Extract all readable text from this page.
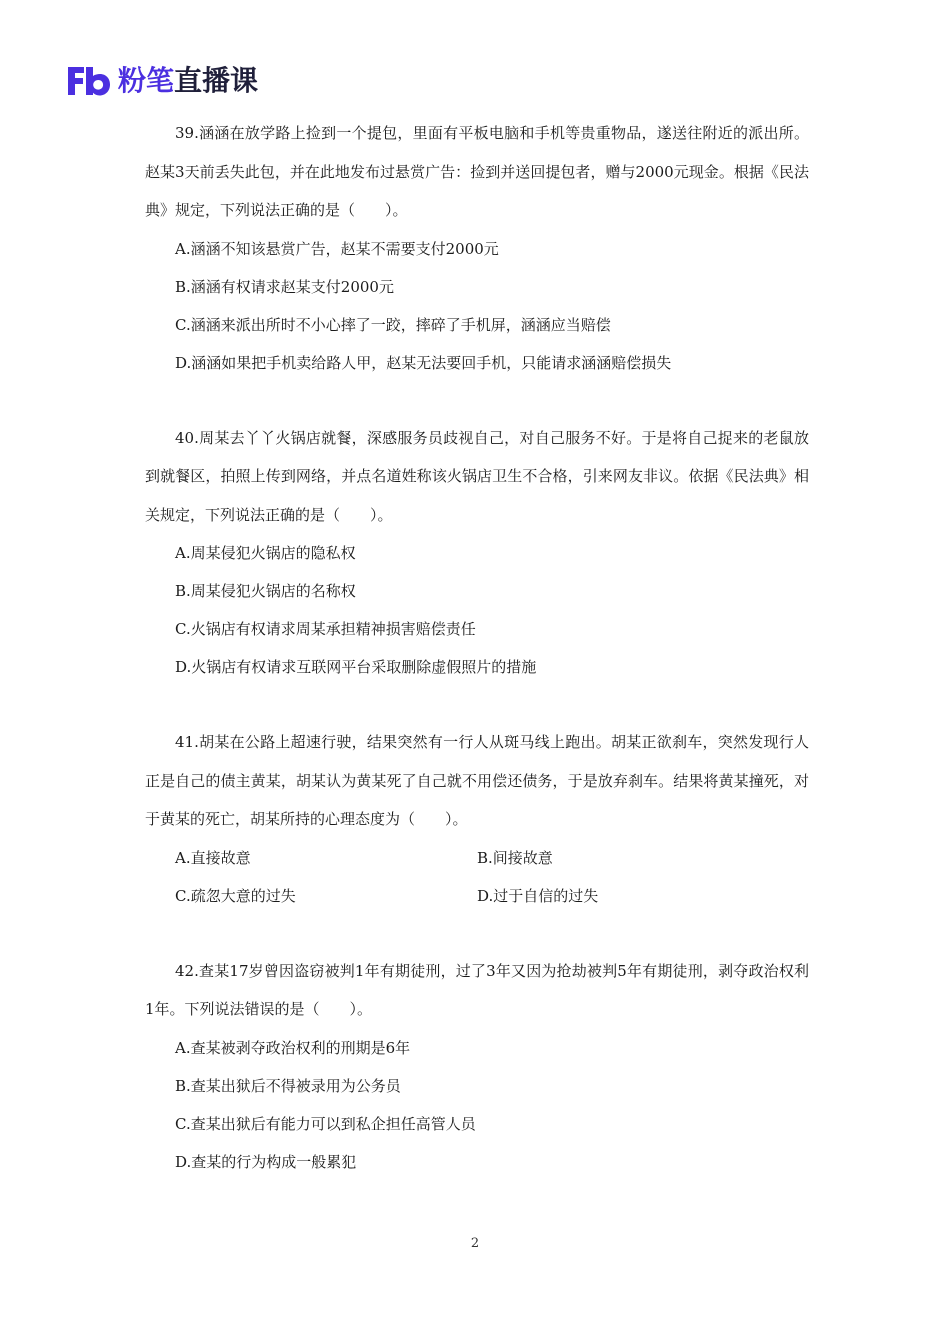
粉笔直播课

39.涵涵在放学路上捡到一个提包，里面有平板电脑和手机等贵重物品，遂送往附近的派出所。赵某3天前丢失此包，并在此地发布过悬赏广告：捡到并送回提包者，赠与2000元现金。根据《民法典》规定，下列说法正确的是（　　）。

A.涵涵不知该悬赏广告，赵某不需要支付2000元

B.涵涵有权请求赵某支付2000元

C.涵涵来派出所时不小心摔了一跤，摔碎了手机屏，涵涵应当赔偿

D.涵涵如果把手机卖给路人甲，赵某无法要回手机，只能请求涵涵赔偿损失

40.周某去丫丫火锅店就餐，深感服务员歧视自己，对自己服务不好。于是将自己捉来的老鼠放到就餐区，拍照上传到网络，并点名道姓称该火锅店卫生不合格，引来网友非议。依据《民法典》相关规定，下列说法正确的是（　　）。

A.周某侵犯火锅店的隐私权

B.周某侵犯火锅店的名称权

C.火锅店有权请求周某承担精神损害赔偿责任

D.火锅店有权请求互联网平台采取删除虚假照片的措施

41.胡某在公路上超速行驶，结果突然有一行人从斑马线上跑出。胡某正欲刹车，突然发现行人正是自己的债主黄某，胡某认为黄某死了自己就不用偿还债务，于是放弃刹车。结果将黄某撞死，对于黄某的死亡，胡某所持的心理态度为（　　）。

A.直接故意	B.间接故意
C.疏忽大意的过失	D.过于自信的过失

42.查某17岁曾因盗窃被判1年有期徒刑，过了3年又因为抢劫被判5年有期徒刑，剥夺政治权利1年。下列说法错误的是（　　）。

A.查某被剥夺政治权利的刑期是6年

B.查某出狱后不得被录用为公务员

C.查某出狱后有能力可以到私企担任高管人员

D.查某的行为构成一般累犯

2
